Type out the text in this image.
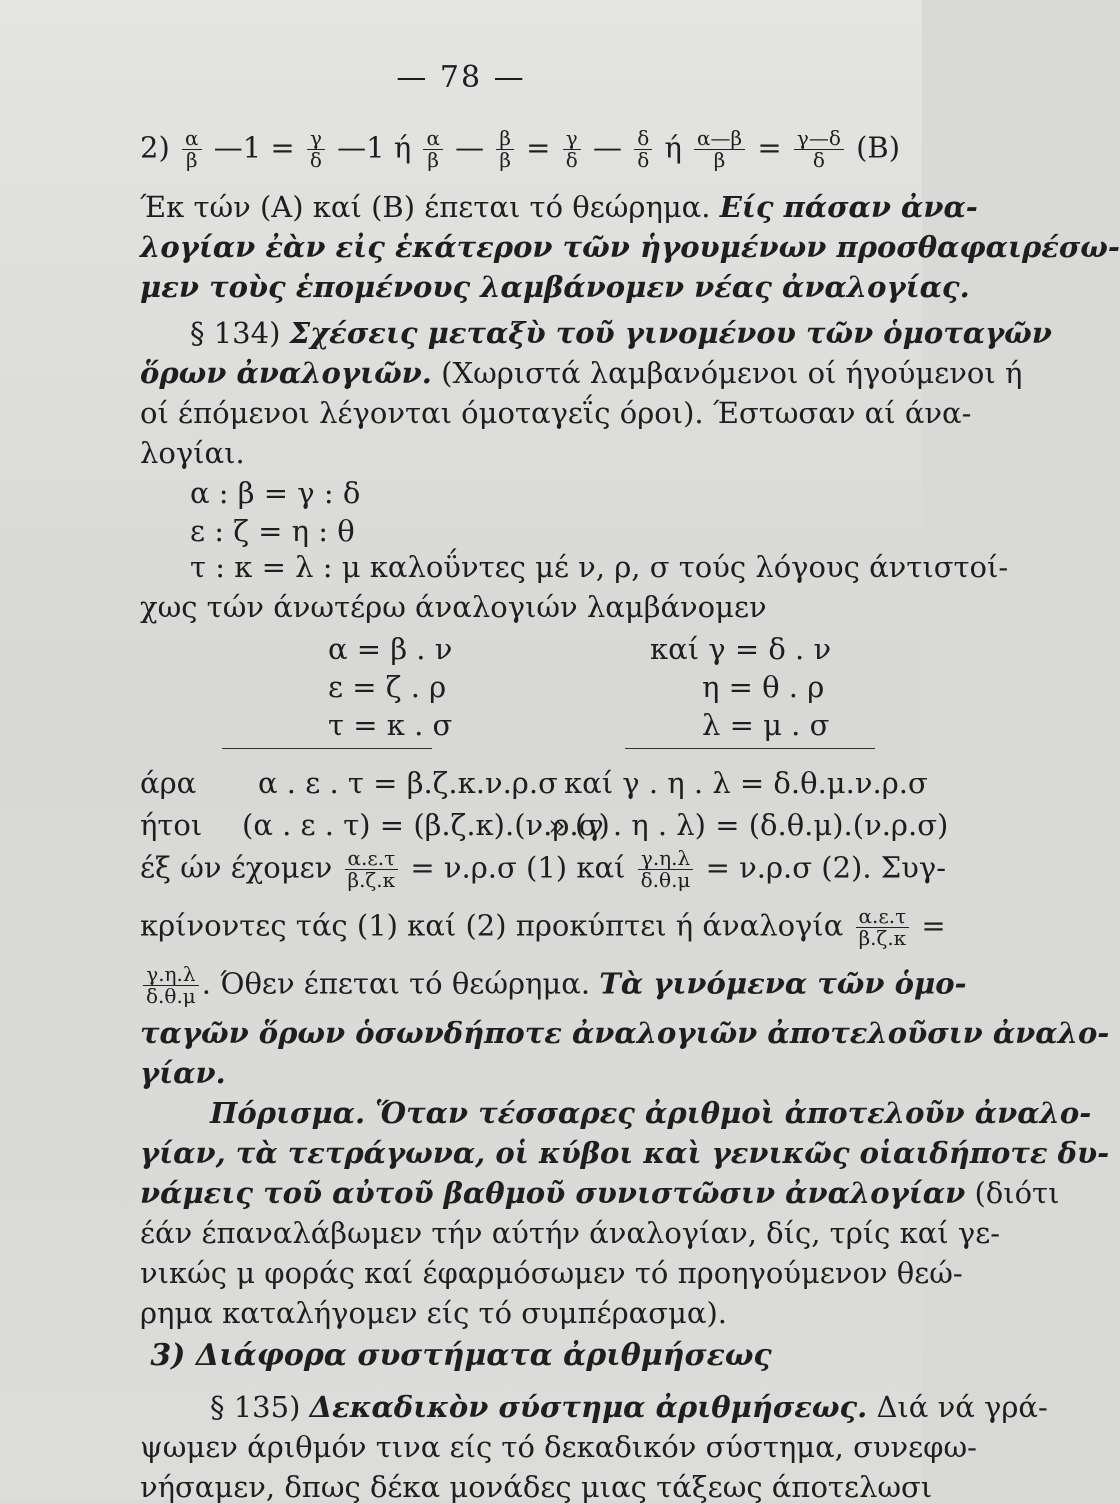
— 78 —
$2) \frac{\alpha}{\beta}$ —1 = $\frac{\gamma}{\delta}$ —1 ή $\frac{\alpha}{\beta}$ — $\frac{\beta}{\beta} = \frac{\gamma}{\delta}$ — $\frac{\delta}{\delta}$ ή $\frac{\alpha—\beta}{\beta} = \frac{\gamma—\delta}{\delta} (B)$
Έκ τών (Α) καί (Β) έπεται τό θεώρημα. Είς πάσαν ἀνα-
λογίαν ἐὰν εἰς ἑκάτερον τῶν ἡγουμένων προσθαφαιρέσω-
μεν τοὺς ἑπομένους λαμβάνομεν νέας ἀναλογίας.
§ 134) Σχέσεις μεταξὺ τοῦ γινομένου τῶν ὁμοταγῶν
ὅρων ἀναλογιῶν. (Χωριστά λαμβανόμενοι οί ήγούμενοι ή
οί έπόμενοι λέγονται όμοταγεΐς όροι). Έστωσαν αί άνα-
λογίαι.
α : β = γ : δ
ε : ζ = η : θ
τ : κ = λ : μ καλοΰντες μέ ν, ρ, σ τούς λόγους άντιστοί-
χως τών άνωτέρω άναλογιών λαμβάνομεν
α = β . ν	καί γ = δ . ν
ε = ζ . ρ	η = θ . ρ
τ = κ . σ	λ = μ . σ
άρα α . ε . τ = β.ζ.κ.ν.ρ.σ καί γ . η . λ = δ.θ.μ.ν.ρ.σ
ήτοι (α . ε . τ) = (β.ζ.κ).(ν.ρ.σ)
» (γ . η . λ) = (δ.θ.μ).(ν.ρ.σ)
έξ ών έχομεν $\frac{\alpha.\varepsilon.\tau}{\beta.\zeta.\kappa} = \nu.\rho.\sigma$ (1) καί $\frac{\gamma.\eta.\lambda}{\delta.\theta.\mu} = \nu.\rho.\sigma$ (2). Συγ-
κρίνοντες τάς (1) καί (2) προκύπτει ή άναλογία $\frac{\alpha.\varepsilon.\tau}{\beta.\zeta.\kappa}$ =
$\frac{\gamma.\eta.\lambda}{\delta.\theta.\mu}$ . Όθεν έπεται τό θεώρημα. Τὰ γινόμενα τῶν ὁμο-
ταγῶν ὅρων ὁσωνδήποτε ἀναλογιῶν ἀποτελοῦσιν ἀναλο-
γίαν.
Πόρισμα. Ὅταν τέσσαρες ἀριθμοὶ ἀποτελοῦν ἀναλο-
γίαν, τὰ τετράγωνα, οἱ κύβοι καὶ γενικῶς οἱαιδήποτε δυ-
νάμεις τοῦ αὐτοῦ βαθμοῦ συνιστῶσιν ἀναλογίαν (διότι
έάν έπαναλάβωμεν τήν αύτήν άναλογίαν, δίς, τρίς καί γε-
νικώς μ φοράς καί έφαρμόσωμεν τό προηγούμενον θεώ-
ρημα καταλήγομεν είς τό συμπέρασμα).
3) Διάφορα συστήματα ἀριθμήσεως
§ 135) Δεκαδικὸν σύστημα ἀριθμήσεως. Διά νά γρά-
ψωμεν άριθμόν τινα είς τό δεκαδικόν σύστημα, συνεφω-
νήσαμεν, δπως δέκα μονάδες μιας τάξεως άποτελωσι
